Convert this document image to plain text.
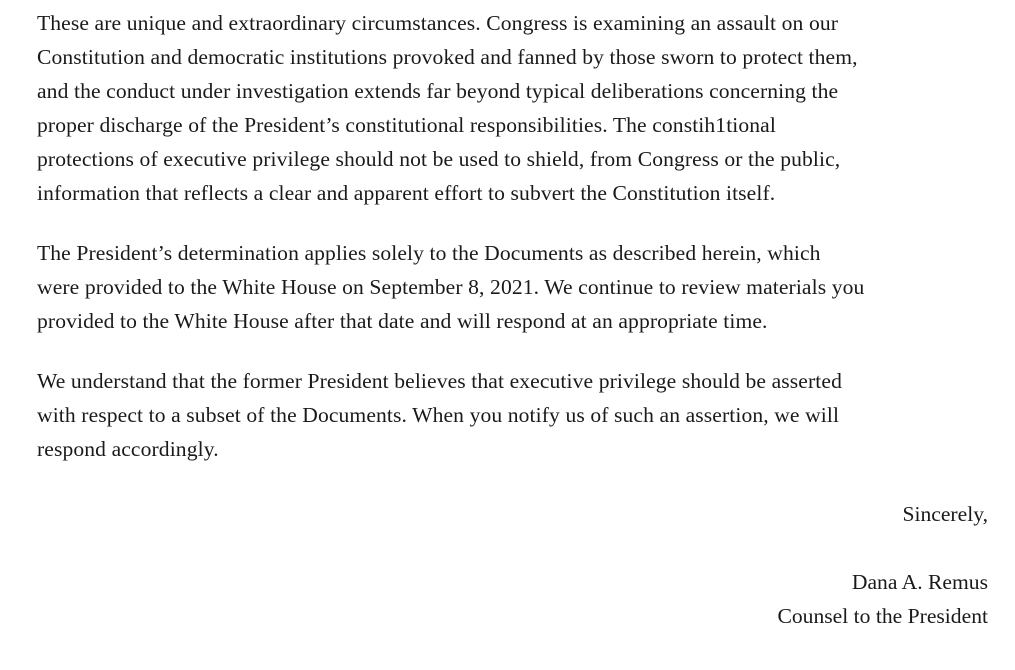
These are unique and extraordinary circumstances. Congress is examining an assault on our
Constitution and democratic institutions provoked and fanned by those sworn to protect them,
and the conduct under investigation extends far beyond typical deliberations concerning the
proper discharge of the President’s constitutional responsibilities. The constih1tional
protections of executive privilege should not be used to shield, from Congress or the public,
information that reflects a clear and apparent effort to subvert the Constitution itself.

The President’s determination applies solely to the Documents as described herein, which
were provided to the White House on September 8, 2021. We continue to review materials you
provided to the White House after that date and will respond at an appropriate time.

We understand that the former President believes that executive privilege should be asserted
with respect to a subset of the Documents. When you notify us of such an assertion, we will
respond accordingly.

Sincerely,
Dana A. Remus
Counsel to the President
